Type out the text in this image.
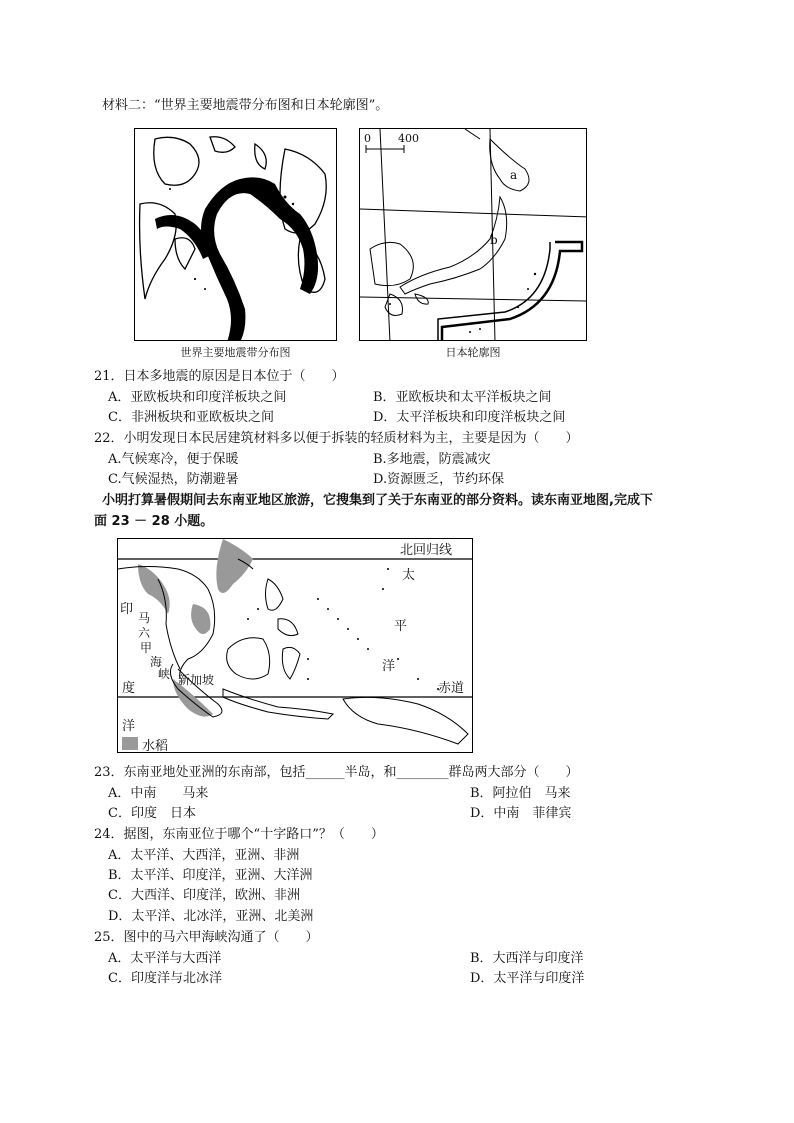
材料二：“世界主要地震带分布图和日本轮廓图”。
世界主要地震带分布图
0 400
a
b
日本轮廓图
21．日本多地震的原因是日本位于（　　）
A．亚欧板块和印度洋板块之间	B．亚欧板块和太平洋板块之间
C．非洲板块和亚欧板块之间	D．太平洋板块和印度洋板块之间
22．小明发现日本民居建筑材料多以便于拆装的轻质材料为主，主要是因为（　　）
A.气候寒冷，便于保暖	B.多地震，防震减灾
C.气候湿热，防潮避暑	D.资源匮乏，节约环保
小明打算暑假期间去东南亚地区旅游，它搜集到了关于东南亚的部分资料。读东南亚地图,完成下
面 23 － 28 小题。
北回归线
太
平
洋
赤道
印
度
洋
马
六
甲
海
峡 新加坡
水稻
23．东南亚地处亚洲的东南部，包括______半岛，和________群岛两大部分（　　）
A．中南　　马来	B．阿拉伯　马来
C．印度　日本	D．中南　菲律宾
24．据图，东南亚位于哪个“十字路口”？（　　）
A．太平洋、大西洋，亚洲、非洲
B．太平洋、印度洋，亚洲、大洋洲
C．大西洋、印度洋，欧洲、非洲
D．太平洋、北冰洋，亚洲、北美洲
25．图中的马六甲海峡沟通了（　　）
A．太平洋与大西洋	B．大西洋与印度洋
C．印度洋与北冰洋	D．太平洋与印度洋
